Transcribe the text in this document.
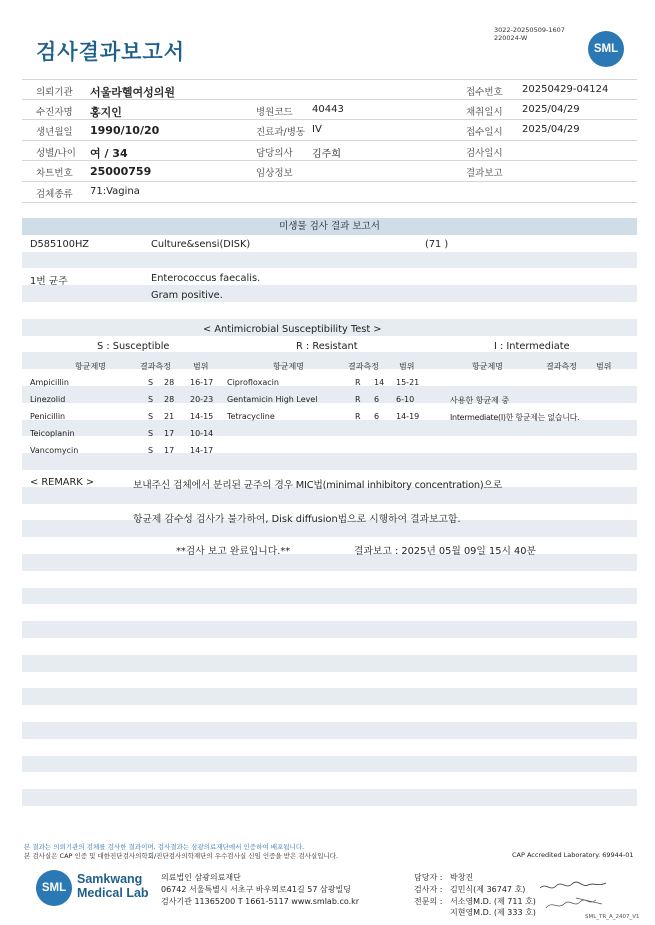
검사결과보고서
3022-20250509-1607
220024-W
SML
의뢰기관 서울라헬여성의원	접수번호 20250429-04124
수진자명 홍지인	병원코드 40443	채취일시 2025/04/29
생년월일 1990/10/20	진료과/병동 IV	접수일시 2025/04/29
성별/나이 여 / 34	담당의사 김주희	검사일시
차트번호 25000759	임상정보	결과보고
검체종류 71:Vagina
미생물 검사 결과 보고서
D585100HZ	Culture&sensi(DISK)	(71 )
1번 균주	Enterococcus faecalis.
Gram positive.
< Antimicrobial Susceptibility Test >
S : Susceptible	R : Resistant	I : Intermediate
항균제명	결과측정	범위	항균제명	결과측정	범위	항균제명	결과측정 범위
Ampicillin	S 28 16-17
Linezolid	S 28 20-23
Penicillin	S 21 14-15
Teicoplanin	S 17 10-14
Vancomycin	S 17 14-17
Ciprofloxacin	R 14 15-21
Gentamicin High Level	R 6 6-10
Tetracycline	R 6 14-19
사용한 항균제 중
Intermediate(I)한 항균제는 없습니다.
< REMARK >	보내주신 검체에서 분리된 균주의 경우 MIC법(minimal inhibitory concentration)으로
항균제 감수성 검사가 불가하여, Disk diffusion법으로 시행하여 결과보고함.
**검사 보고 완료입니다.**	결과보고 : 2025년 05월 09일 15시 40분
본 결과는 의뢰기관의 검체를 검사한 결과이며, 검사결과는 삼광의료재단에서 인증하여 배포됩니다.
본 검사실은 CAP 인증 및 대한진단검사의학회/진단검사의학재단의 우수검사실 신임 인증을 받은 검사실입니다.	CAP Accredited Laboratory. 69944-01
SML
Samkwang
Medical Lab
의료법인 삼광의료재단
06742 서울특별시 서초구 바우뫼로41길 57 삼광빌딩
검사기관 11365200 T 1661-5117 www.smlab.co.kr
담당자 : 박창진
검사자 : 김민식(제 36747 호)
전문의 : 서소영M.D. (제 711 호)
지현영M.D. (제 333 호)	SML_TR_A_2407_V1
